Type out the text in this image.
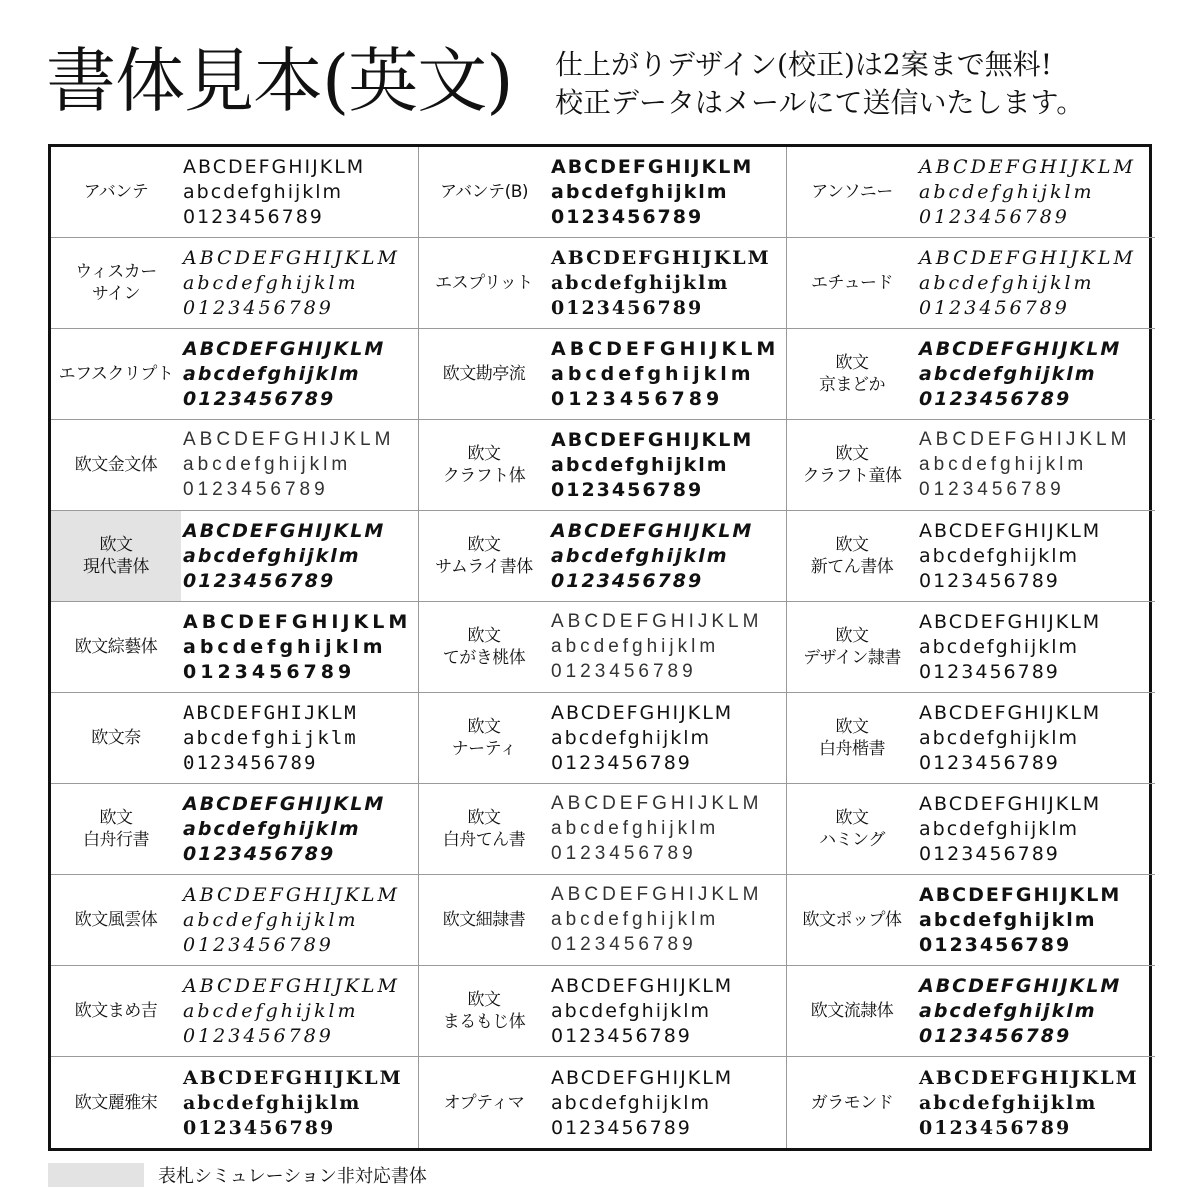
書体見本(英文) 仕上がりデザイン(校正)は2案まで無料!
校正データはメールにて送信いたします。
アバンテ
ABCDEFGHIJKLM
abcdefghijklm
0123456789
アバンテ(B)
ABCDEFGHIJKLM
abcdefghijklm
0123456789
アンソニー
ABCDEFGHIJKLM
abcdefghijklm
0123456789
ウィスカー
サイン
ABCDEFGHIJKLM
abcdefghijklm
0123456789
エスプリット
ABCDEFGHIJKLM
abcdefghijklm
0123456789
エチュード
ABCDEFGHIJKLM
abcdefghijklm
0123456789
エフスクリプト
ABCDEFGHIJKLM
abcdefghijklm
0123456789
欧文勘亭流
ABCDEFGHIJKLM
abcdefghijklm
0123456789
欧文
京まどか
ABCDEFGHIJKLM
abcdefghijklm
0123456789
欧文金文体
ABCDEFGHIJKLM
abcdefghijklm
0123456789
欧文
クラフト体
ABCDEFGHIJKLM
abcdefghijklm
0123456789
欧文
クラフト童体
ABCDEFGHIJKLM
abcdefghijklm
0123456789
欧文
現代書体
ABCDEFGHIJKLM
abcdefghijklm
0123456789
欧文
サムライ書体
ABCDEFGHIJKLM
abcdefghijklm
0123456789
欧文
新てん書体
ABCDEFGHIJKLM
abcdefghijklm
0123456789
欧文綜藝体
ABCDEFGHIJKLM
abcdefghijklm
0123456789
欧文
てがき桃体
ABCDEFGHIJKLM
abcdefghijklm
0123456789
欧文
デザイン隷書
ABCDEFGHIJKLM
abcdefghijklm
0123456789
欧文奈
ABCDEFGHIJKLM
abcdefghijklm
0123456789
欧文
ナーティ
ABCDEFGHIJKLM
abcdefghijklm
0123456789
欧文
白舟楷書
ABCDEFGHIJKLM
abcdefghijklm
0123456789
欧文
白舟行書
ABCDEFGHIJKLM
abcdefghijklm
0123456789
欧文
白舟てん書
ABCDEFGHIJKLM
abcdefghijklm
0123456789
欧文
ハミング
ABCDEFGHIJKLM
abcdefghijklm
0123456789
欧文風雲体
ABCDEFGHIJKLM
abcdefghijklm
0123456789
欧文細隷書
ABCDEFGHIJKLM
abcdefghijklm
0123456789
欧文ポップ体
ABCDEFGHIJKLM
abcdefghijklm
0123456789
欧文まめ吉
ABCDEFGHIJKLM
abcdefghijklm
0123456789
欧文
まるもじ体
ABCDEFGHIJKLM
abcdefghijklm
0123456789
欧文流隷体
ABCDEFGHIJKLM
abcdefghijklm
0123456789
欧文麗雅宋
ABCDEFGHIJKLM
abcdefghijklm
0123456789
オプティマ
ABCDEFGHIJKLM
abcdefghijklm
0123456789
ガラモンド
ABCDEFGHIJKLM
abcdefghijklm
0123456789
表札シミュレーション非対応書体
